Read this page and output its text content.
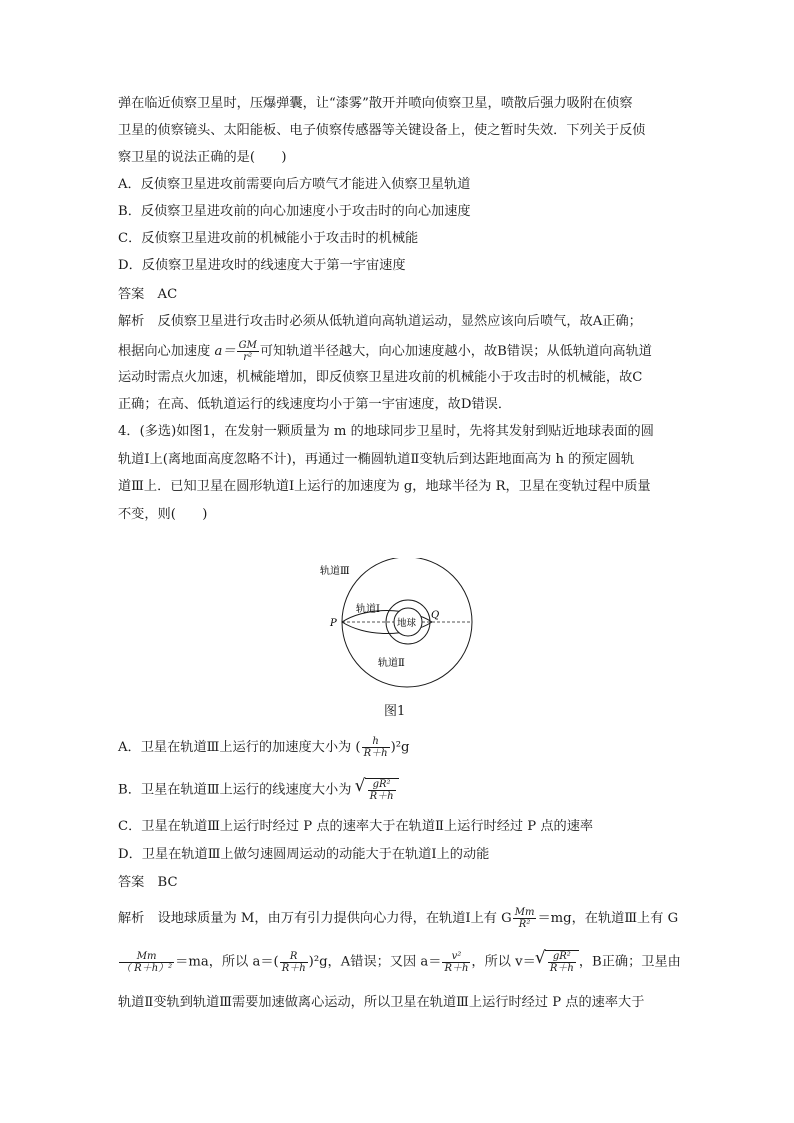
弹在临近侦察卫星时，压爆弹囊，让“漆雾”散开并喷向侦察卫星，喷散后强力吸附在侦察
卫星的侦察镜头、太阳能板、电子侦察传感器等关键设备上，使之暂时失效．下列关于反侦
察卫星的说法正确的是(　　)
A．反侦察卫星进攻前需要向后方喷气才能进入侦察卫星轨道
B．反侦察卫星进攻前的向心加速度小于攻击时的向心加速度
C．反侦察卫星进攻前的机械能小于攻击时的机械能
D．反侦察卫星进攻时的线速度大于第一宇宙速度
答案　AC
解析　反侦察卫星进行攻击时必须从低轨道向高轨道运动，显然应该向后喷气，故A正确；
根据向心加速度 $a= \frac{GM}{\text{r²}}$ 可知轨道半径越大，向心加速度越小，故B错误；从低轨道向高轨道
运动时需点火加速，机械能增加，即反侦察卫星进攻前的机械能小于攻击时的机械能，故C
正确；在高、低轨道运行的线速度均小于第一宇宙速度，故D错误．
4．(多选)如图1，在发射一颗质量为 m 的地球同步卫星时，先将其发射到贴近地球表面的圆
轨道Ⅰ上(离地面高度忽略不计)，再通过一椭圆轨道Ⅱ变轨后到达距地面高为 h 的预定圆轨
道Ⅲ上．已知卫星在圆形轨道Ⅰ上运行的加速度为 g，地球半径为 R，卫星在变轨过程中质量
不变，则(　　)
轨道Ⅲ
轨道Ⅰ
轨道Ⅱ
地球
P
Q
图1
A．卫星在轨道Ⅲ上运行的加速度大小为 ( $\frac{h}{R+h} )^2g$
B．卫星在轨道Ⅲ上运行的线速度大小为 √ $\frac{\text{gR²}}{R+h}$
C．卫星在轨道Ⅲ上运行时经过 P 点的速率大于在轨道Ⅱ上运行时经过 P 点的速率
D．卫星在轨道Ⅲ上做匀速圆周运动的动能大于在轨道Ⅰ上的动能
答案　BC
解析　设地球质量为 M，由万有引力提供向心力得，在轨道Ⅰ上有 G $\frac{Mm}{\text{R²}} =mg$，在轨道Ⅲ上有 G
$\frac{Mm}{\text{（ R＋h）²}} =ma$，所以 $a=( \frac{R}{R+h} )^2g$，A错误；又因 $a= \frac{\text{v²}}{R+h}$ ，所以 v＝ √ $\frac{\text{gR²}}{R+h}$ ，B正确；卫星由
轨道Ⅱ变轨到轨道Ⅲ需要加速做离心运动，所以卫星在轨道Ⅲ上运行时经过 P 点的速率大于
